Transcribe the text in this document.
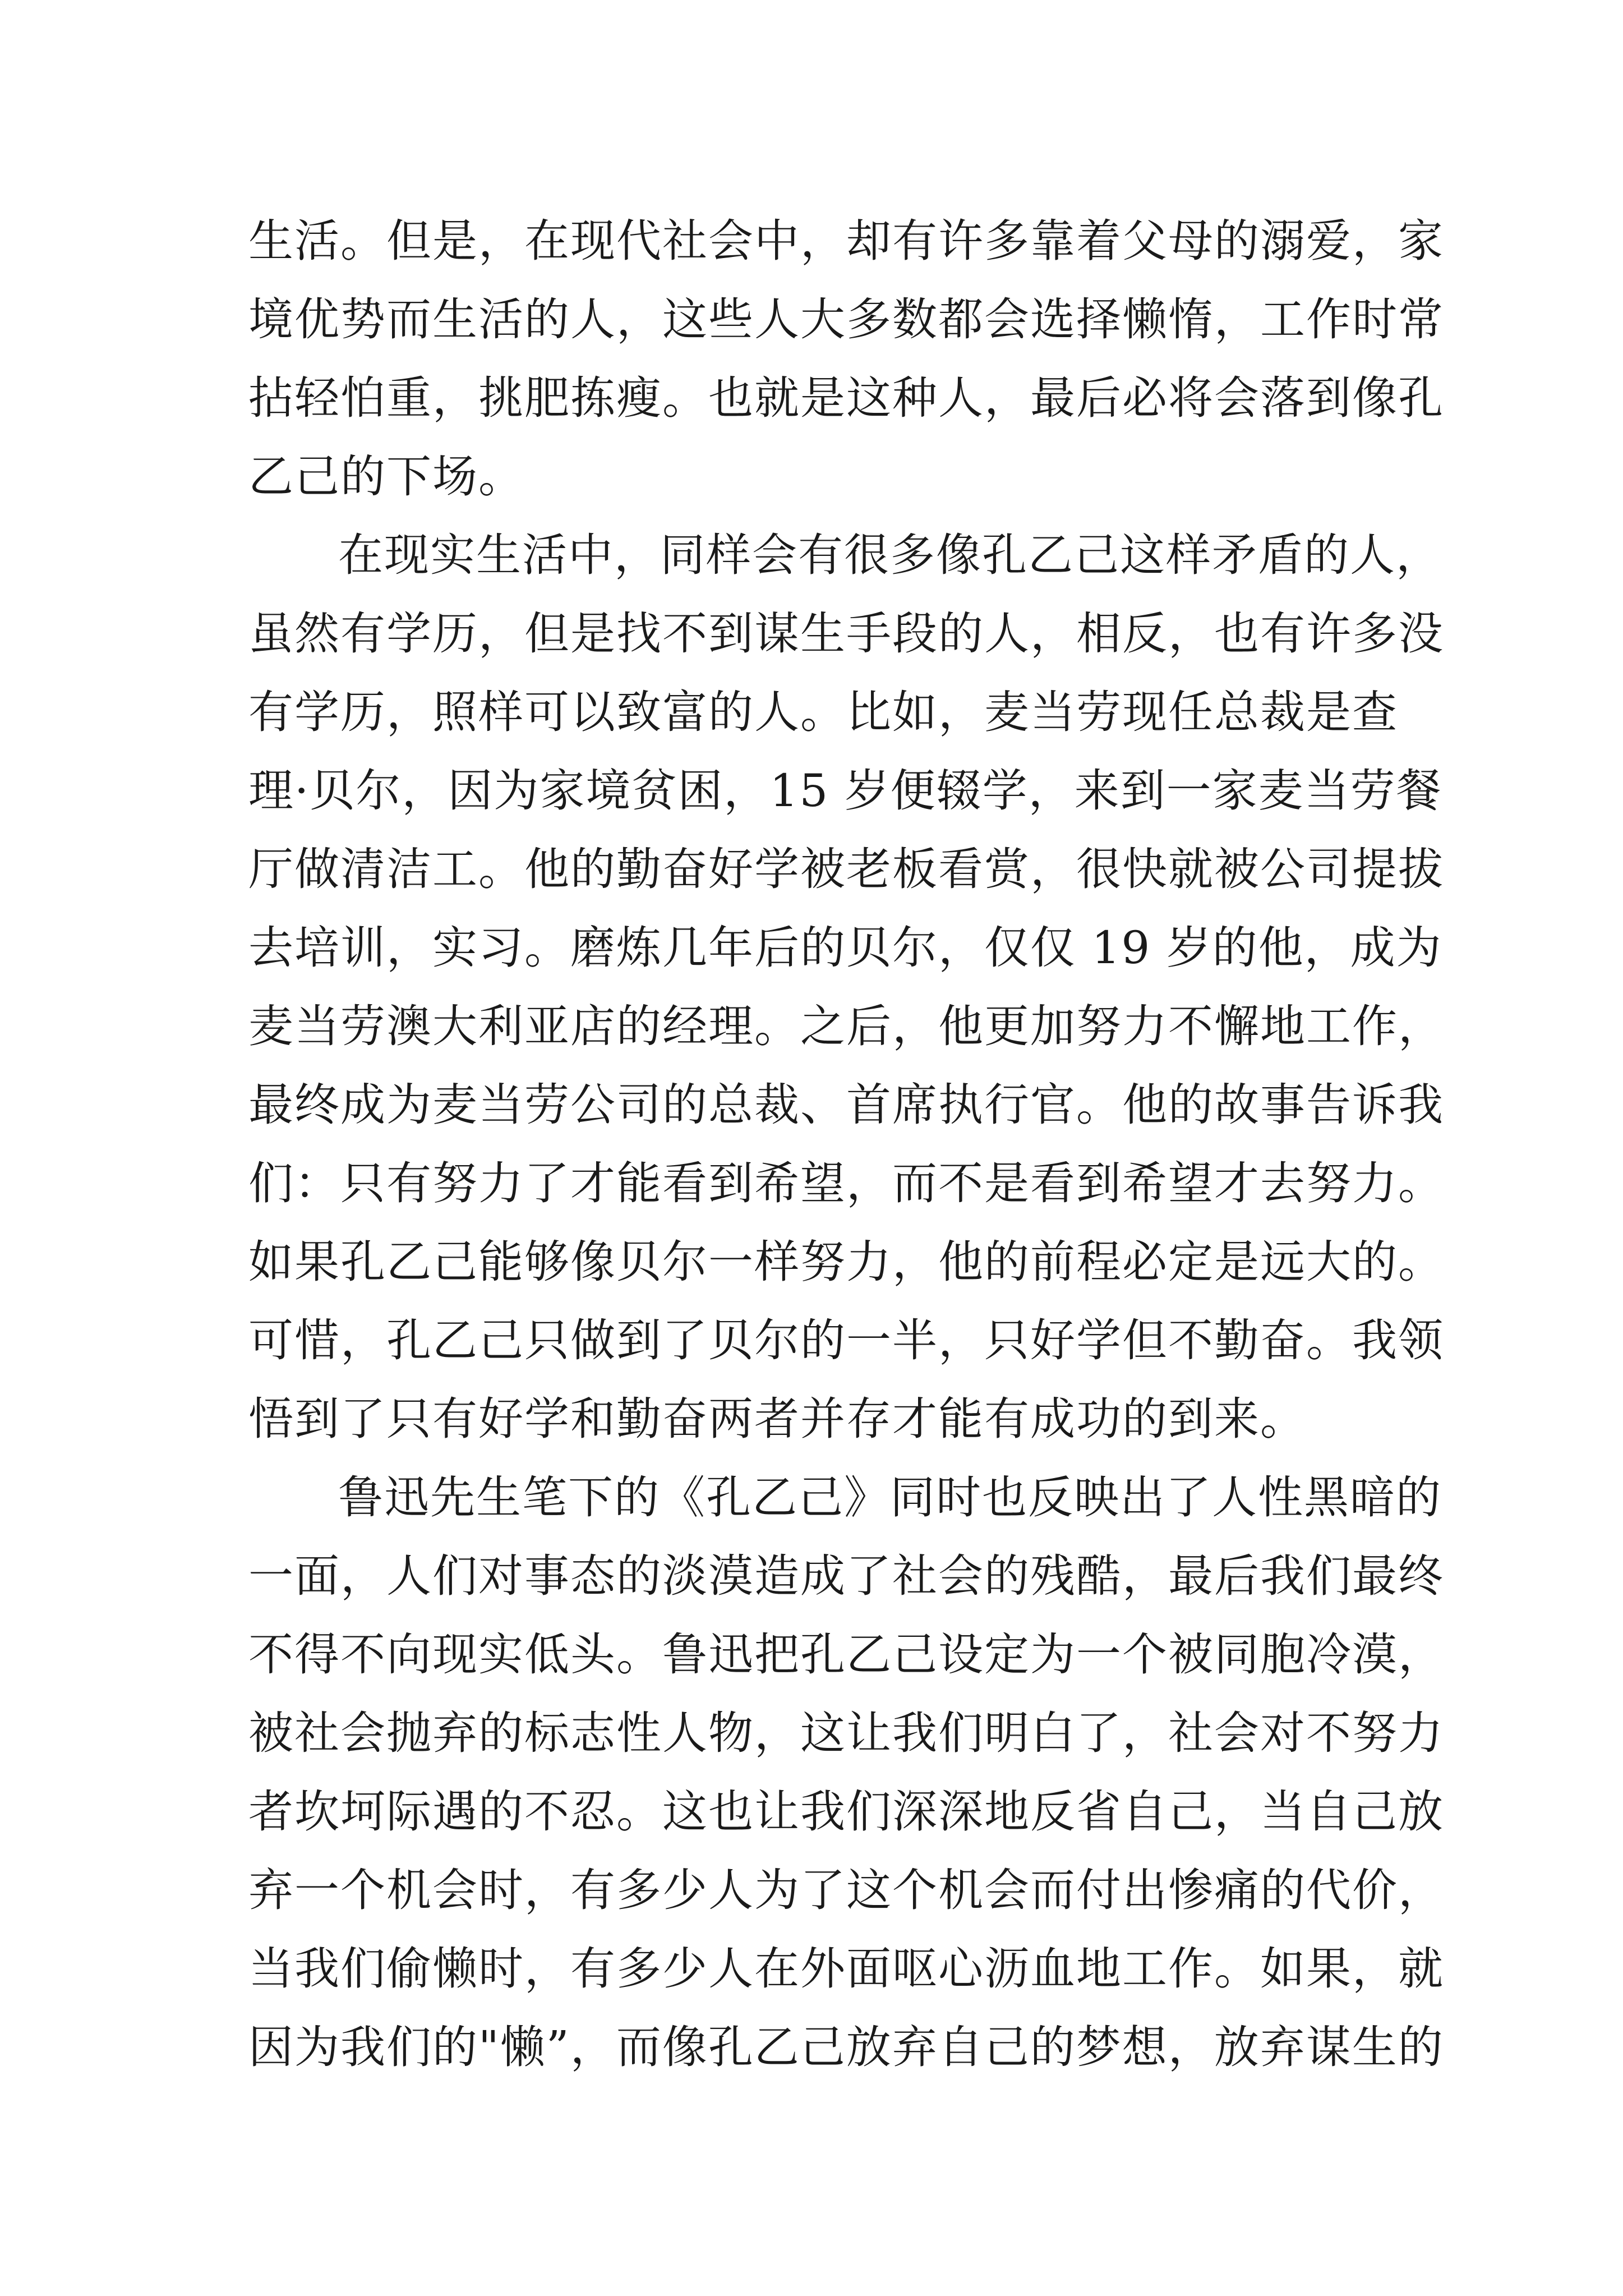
生活。但是，在现代社会中，却有许多靠着父母的溺爱，家
境优势而生活的人，这些人大多数都会选择懒惰，工作时常
拈轻怕重，挑肥拣瘦。也就是这种人，最后必将会落到像孔
乙己的下场。
在现实生活中，同样会有很多像孔乙己这样矛盾的人，
虽然有学历，但是找不到谋生手段的人，相反，也有许多没
有学历，照样可以致富的人。比如，麦当劳现任总裁是查
理·贝尔，因为家境贫困，15 岁便辍学，来到一家麦当劳餐
厅做清洁工。他的勤奋好学被老板看赏，很快就被公司提拔
去培训，实习。磨炼几年后的贝尔，仅仅 19 岁的他，成为
麦当劳澳大利亚店的经理。之后，他更加努力不懈地工作，
最终成为麦当劳公司的总裁、首席执行官。他的故事告诉我
们：只有努力了才能看到希望，而不是看到希望才去努力。
如果孔乙己能够像贝尔一样努力，他的前程必定是远大的。
可惜，孔乙己只做到了贝尔的一半，只好学但不勤奋。我领
悟到了只有好学和勤奋两者并存才能有成功的到来。
鲁迅先生笔下的《孔乙己》同时也反映出了人性黑暗的
一面，人们对事态的淡漠造成了社会的残酷，最后我们最终
不得不向现实低头。鲁迅把孔乙己设定为一个被同胞冷漠，
被社会抛弃的标志性人物，这让我们明白了，社会对不努力
者坎坷际遇的不忍。这也让我们深深地反省自己，当自己放
弃一个机会时，有多少人为了这个机会而付出惨痛的代价，
当我们偷懒时，有多少人在外面呕心沥血地工作。如果，就
因为我们的"懒”，而像孔乙己放弃自己的梦想，放弃谋生的
